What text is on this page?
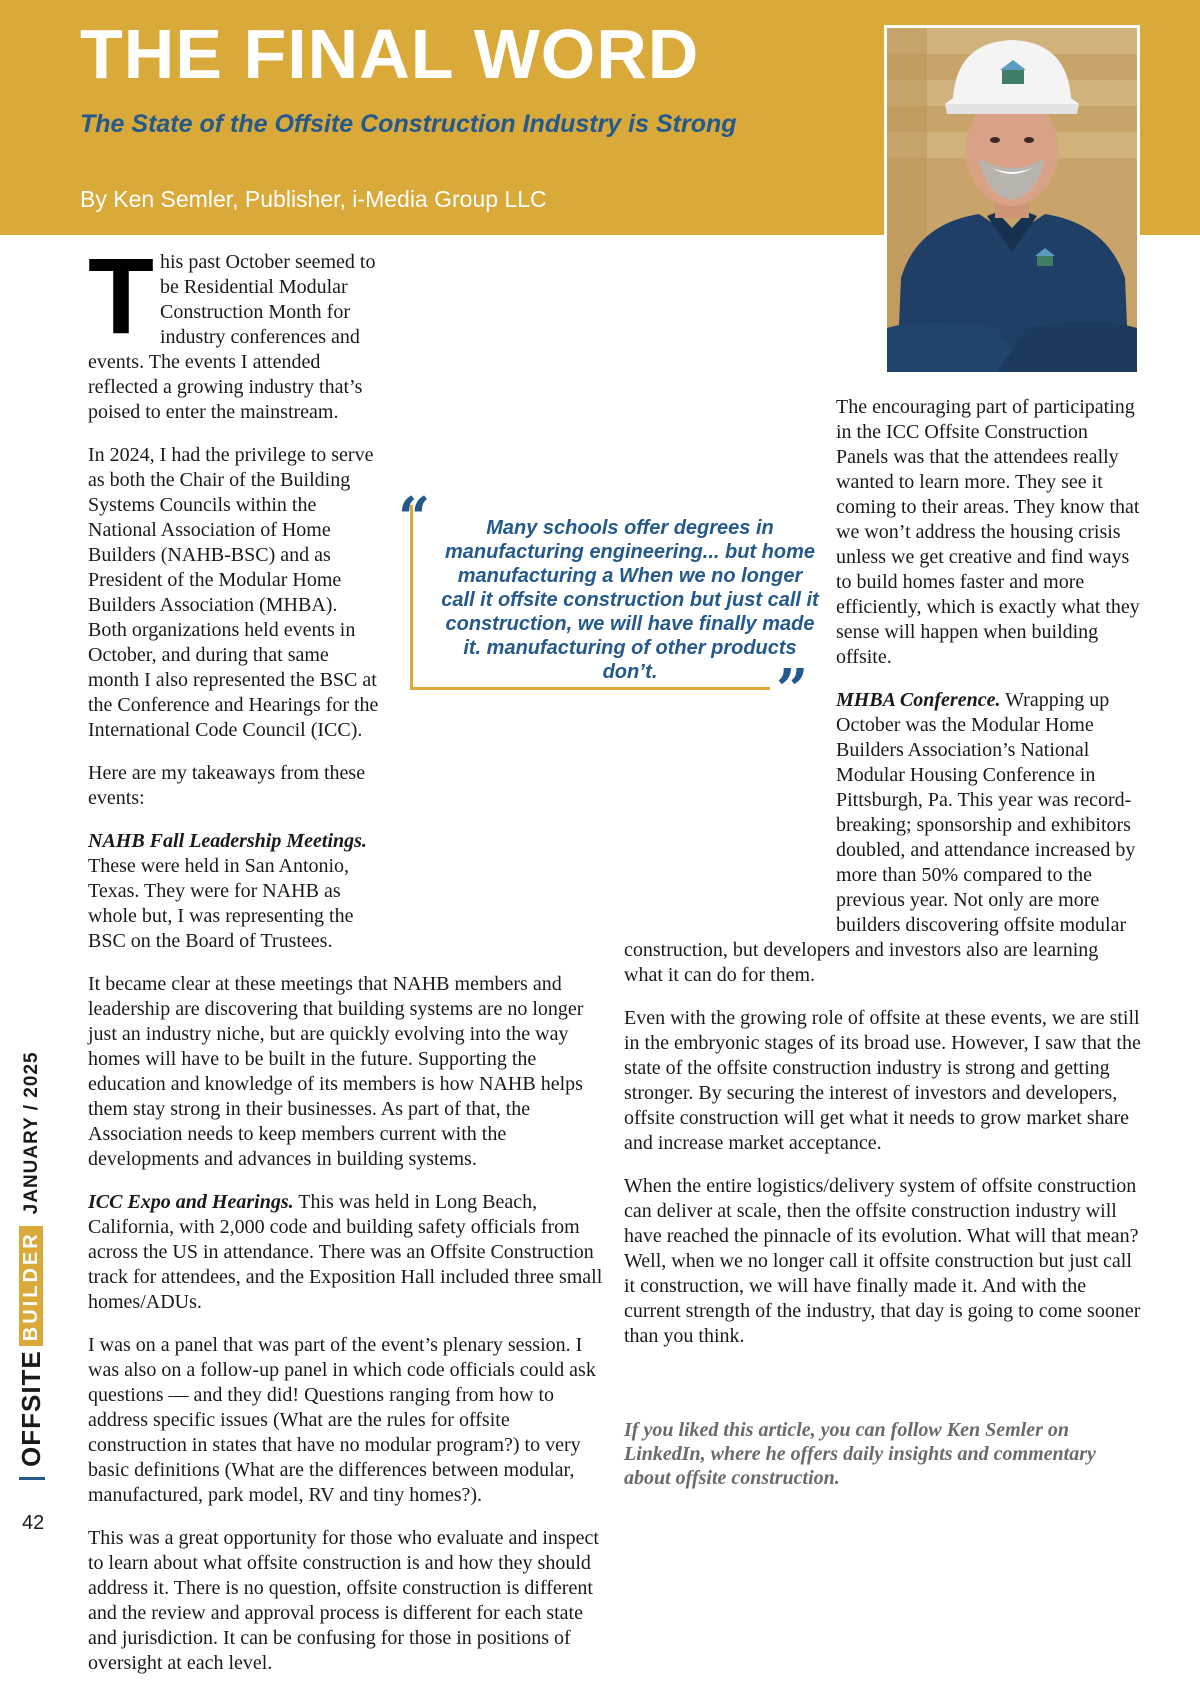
THE FINAL WORD
The State of the Offsite Construction Industry is Strong

By Ken Semler, Publisher, i-Media Group LLC

This past October seemed to be Residential Modular Construction Month for industry conferences and events. The events I attended reflected a growing industry that’s poised to enter the mainstream.

In 2024, I had the privilege to serve as both the Chair of the Building Systems Councils within the National Association of Home Builders (NAHB-BSC) and as President of the Modular Home Builders Association (MHBA). Both organizations held events in October, and during that same month I also represented the BSC at the Conference and Hearings for the International Code Council (ICC).

Here are my takeaways from these events:

NAHB Fall Leadership Meetings. These were held in San Antonio, Texas. They were for NAHB as whole but, I was representing the BSC on the Board of Trustees.

It became clear at these meetings that NAHB members and leadership are discovering that building systems are no longer just an industry niche, but are quickly evolving into the way homes will have to be built in the future. Supporting the education and knowledge of its members is how NAHB helps them stay strong in their businesses. As part of that, the Association needs to keep members current with the developments and advances in building systems.

ICC Expo and Hearings. This was held in Long Beach, California, with 2,000 code and building safety officials from across the US in attendance. There was an Offsite Construction track for attendees, and the Exposition Hall included three small homes/ADUs.

I was on a panel that was part of the event’s plenary session. I was also on a follow-up panel in which code officials could ask questions — and they did! Questions ranging from how to address specific issues (What are the rules for offsite construction in states that have no modular program?) to very basic definitions (What are the differences between modular, manufactured, park model, RV and tiny homes?).

This was a great opportunity for those who evaluate and inspect to learn about what offsite construction is and how they should address it. There is no question, offsite construction is different and the review and approval process is different for each state and jurisdiction. It can be confusing for those in positions of oversight at each level.

The encouraging part of participating in the ICC Offsite Construction Panels was that the attendees really wanted to learn more. They see it coming to their areas. They know that we won’t address the housing crisis unless we get creative and find ways to build homes faster and more efficiently, which is exactly what they sense will happen when building offsite.

MHBA Conference. Wrapping up October was the Modular Home Builders Association’s National Modular Housing Conference in Pittsburgh, Pa. This year was record-breaking; sponsorship and exhibitors doubled, and attendance increased by more than 50% compared to the previous year. Not only are more builders discovering offsite modular construction, but developers and investors also are learning what it can do for them.

Even with the growing role of offsite at these events, we are still in the embryonic stages of its broad use. However, I saw that the state of the offsite construction industry is strong and getting stronger. By securing the interest of investors and developers, offsite construction will get what it needs to grow market share and increase market acceptance.

When the entire logistics/delivery system of offsite construction can deliver at scale, then the offsite construction industry will have reached the pinnacle of its evolution. What will that mean? Well, when we no longer call it offsite construction but just call it construction, we will have finally made it. And with the current strength of the industry, that day is going to come sooner than you think.

“	Many schools offer degrees in manufacturing engineering... but home manufacturing a When we no longer call it offsite construction but just call it construction, we will have finally made it. manufacturing of other products don’t.	”

If you liked this article, you can follow Ken Semler on LinkedIn, where he offers daily insights and commentary about offsite construction.

OFFSITEBUILDERJANUARY / 2025
42
